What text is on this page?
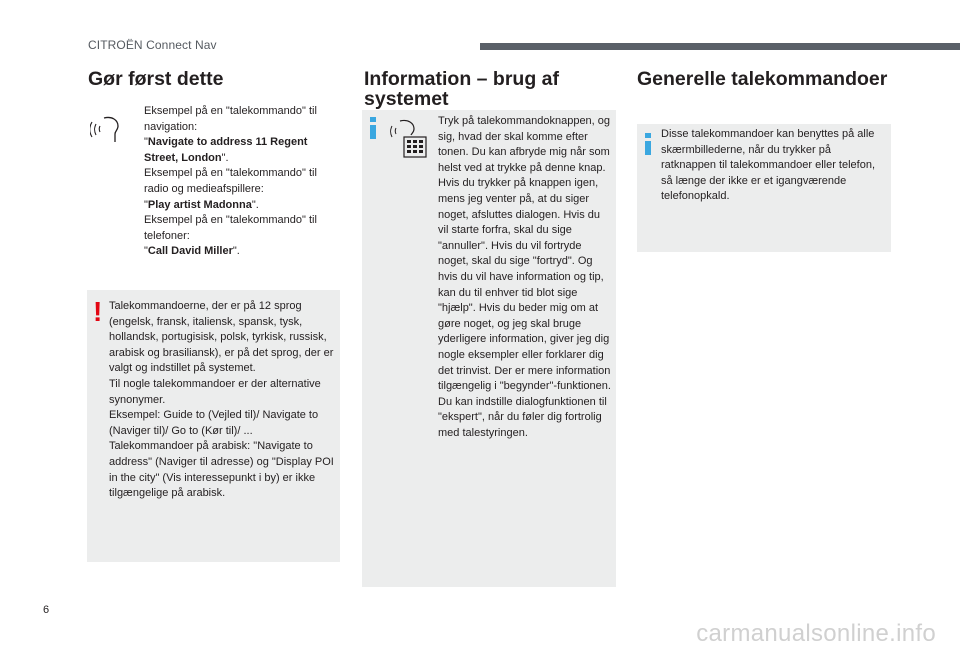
CITROËN Connect Nav
Gør først dette
Eksempel på en "talekommando" til navigation:
"Navigate to address 11 Regent Street, London".
Eksempel på en "talekommando" til radio og medieafspillere:
"Play artist Madonna".
Eksempel på en "talekommando" til telefoner:
"Call David Miller".
! Talekommandoerne, der er på 12 sprog (engelsk, fransk, italiensk, spansk, tysk, hollandsk, portugisisk, polsk, tyrkisk, russisk, arabisk og brasiliansk), er på det sprog, der er valgt og indstillet på systemet.
Til nogle talekommandoer er der alternative synonymer.
Eksempel: Guide to (Vejled til)/ Navigate to (Naviger til)/ Go to (Kør til)/ ...
Talekommandoer på arabisk: "Navigate to address" (Naviger til adresse) og "Display POI in the city" (Vis interessepunkt i by) er ikke tilgængelige på arabisk.
Information – brug af systemet
Tryk på talekommandoknappen, og sig, hvad der skal komme efter tonen. Du kan afbryde mig når som helst ved at trykke på denne knap. Hvis du trykker på knappen igen, mens jeg venter på, at du siger noget, afsluttes dialogen. Hvis du vil starte forfra, skal du sige "annuller". Hvis du vil fortryde noget, skal du sige "fortryd". Og hvis du vil have information og tip, kan du til enhver tid blot sige "hjælp". Hvis du beder mig om at gøre noget, og jeg skal bruge yderligere information, giver jeg dig nogle eksempler eller forklarer dig det trinvist. Der er mere information tilgængelig i "begynder"-funktionen. Du kan indstille dialogfunktionen til "ekspert", når du føler dig fortrolig med talestyringen.
Generelle talekommandoer
Disse talekommandoer kan benyttes på alle skærmbillederne, når du trykker på ratknappen til talekommandoer eller telefon, så længe der ikke er et igangværende telefonopkald.
6
carmanualsonline.info
